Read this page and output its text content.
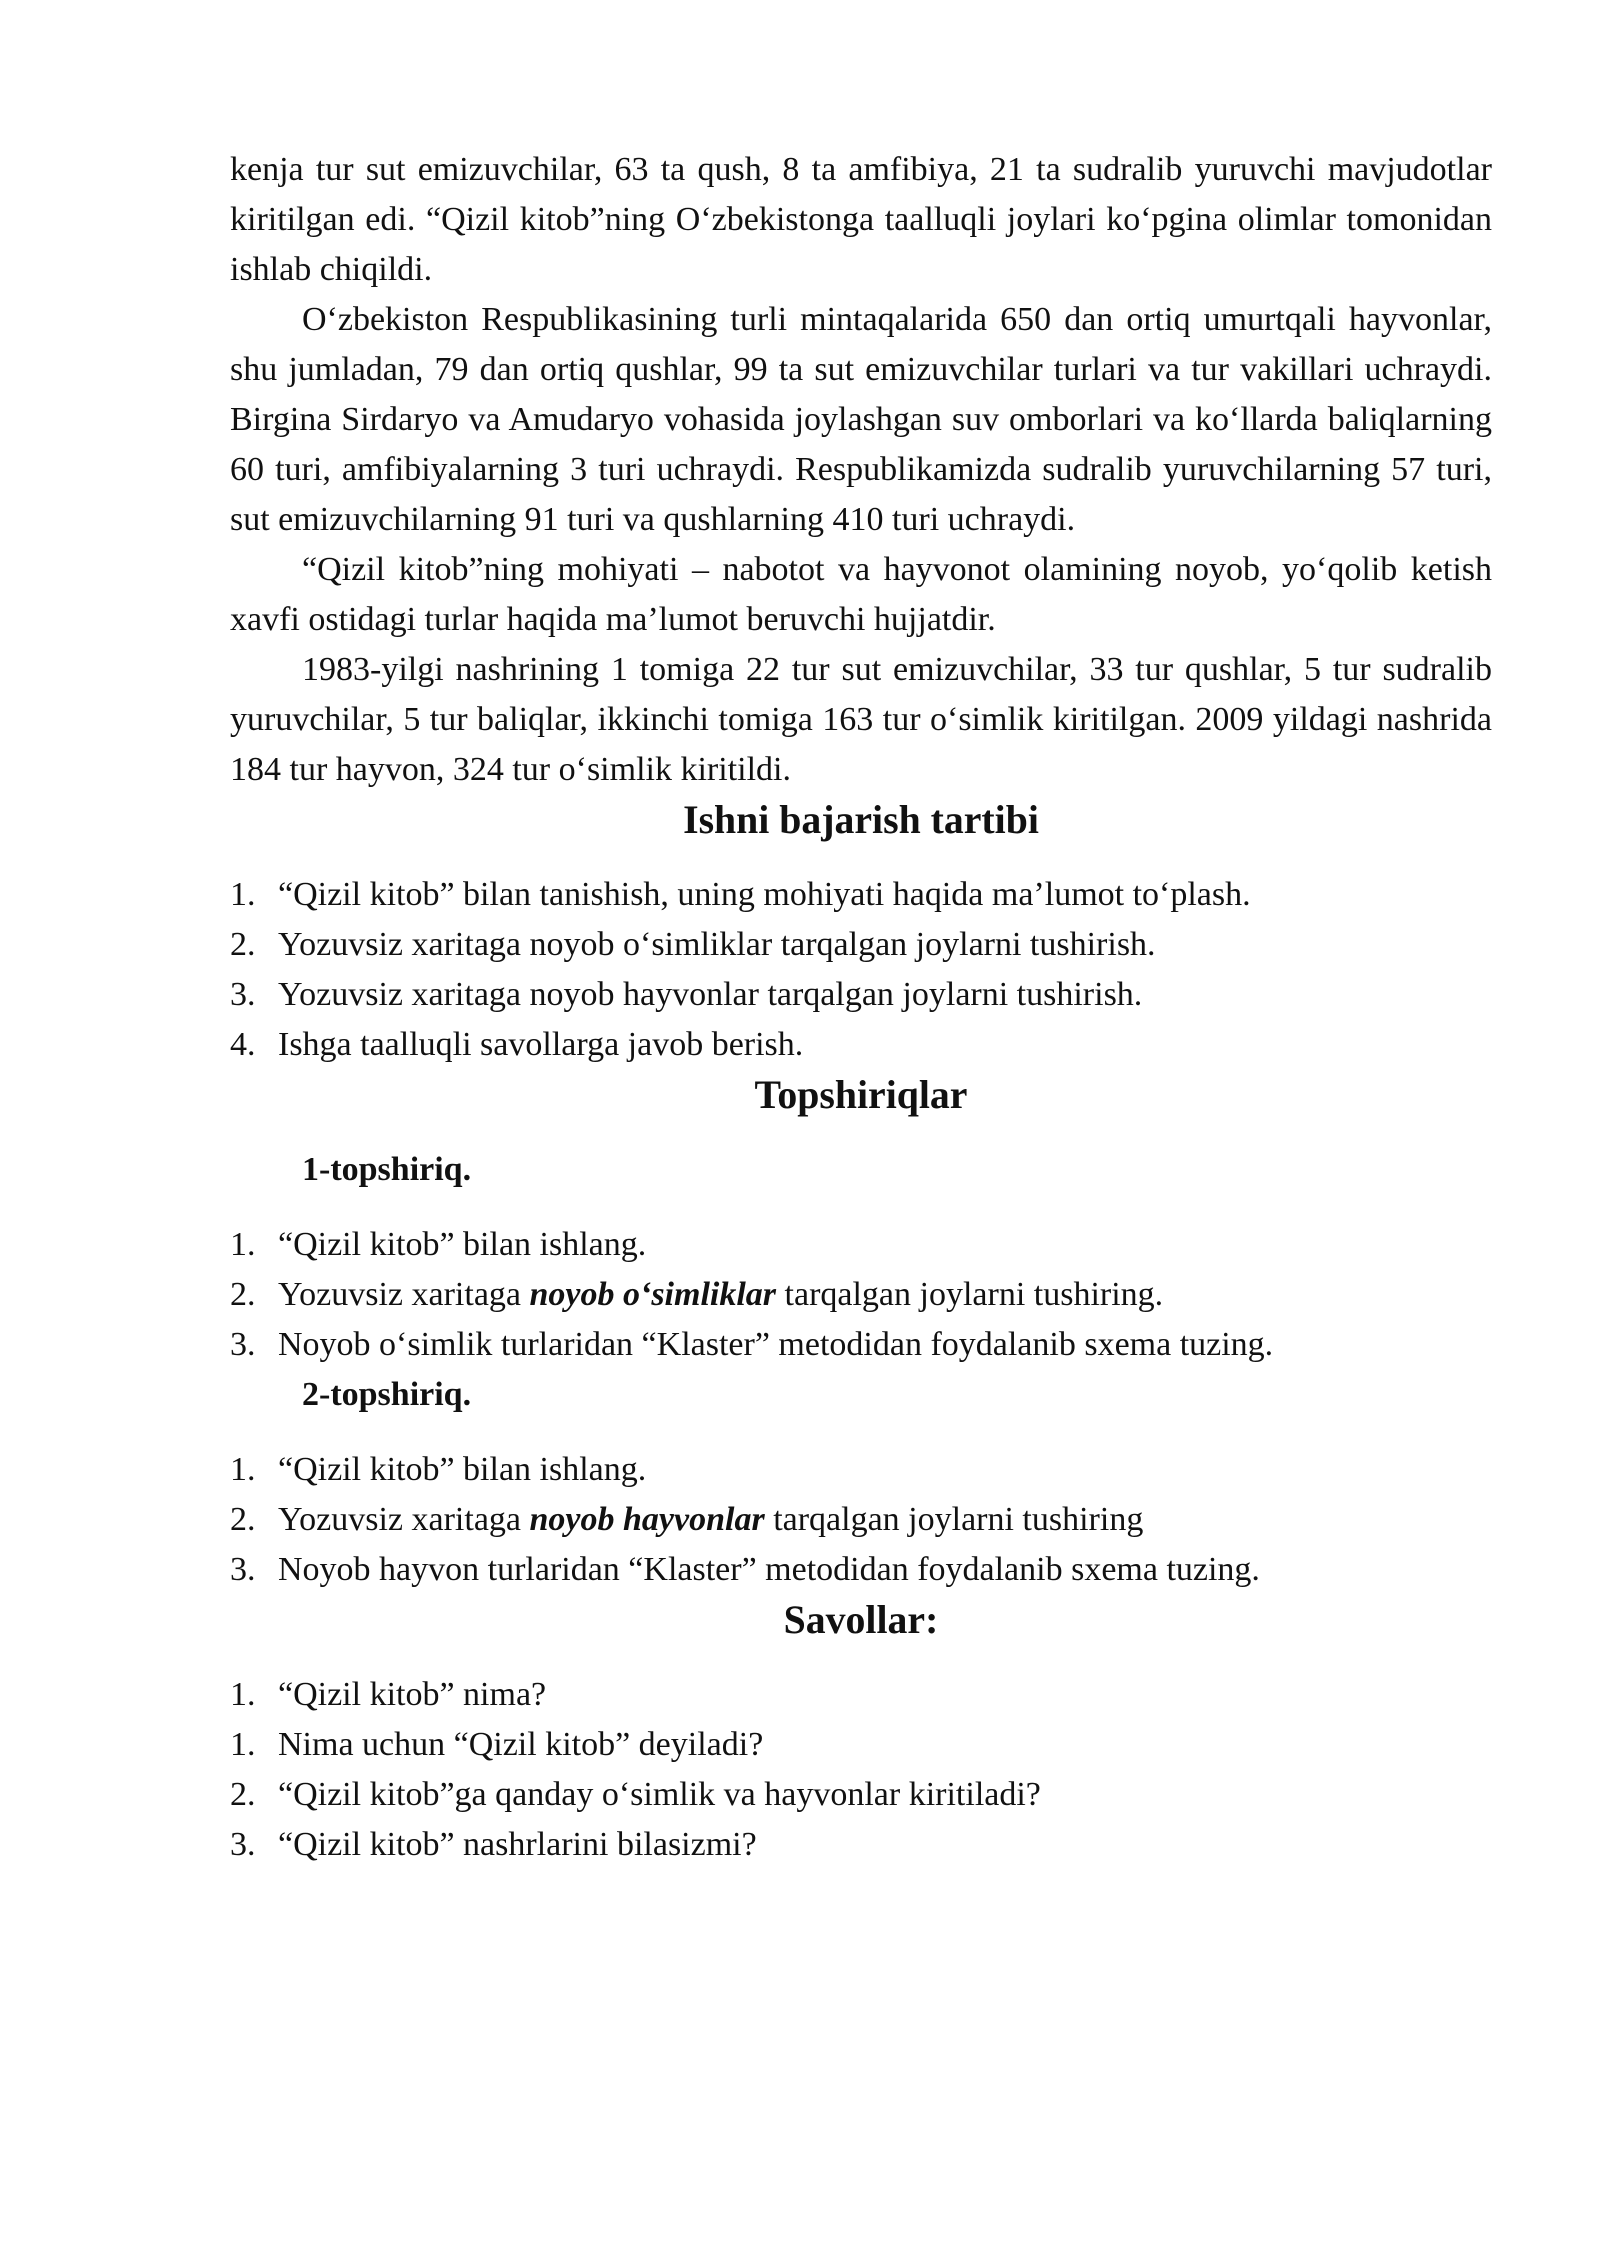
kenja tur sut emizuvchilar, 63 ta qush, 8 ta amfibiya, 21 ta sudralib yuruvchi mavjudotlar kiritilgan edi. “Qizil kitob”ning O‘zbekistonga taalluqli joylari ko‘pgina olimlar tomonidan ishlab chiqildi.

O‘zbekiston Respublikasining turli mintaqalarida 650 dan ortiq umurtqali hayvonlar, shu jumladan, 79 dan ortiq qushlar, 99 ta sut emizuvchilar turlari va tur vakillari uchraydi. Birgina Sirdaryo va Amudaryo vohasida joylashgan suv omborlari va ko‘llarda baliqlarning 60 turi, amfibiyalarning 3 turi uchraydi. Respublikamizda sudralib yuruvchilarning 57 turi, sut emizuvchilarning 91 turi va qushlarning 410 turi uchraydi.

“Qizil kitob”ning mohiyati – nabotot va hayvonot olamining noyob, yo‘qolib ketish xavfi ostidagi turlar haqida ma’lumot beruvchi hujjatdir.

1983-yilgi nashrining 1 tomiga 22 tur sut emizuvchilar, 33 tur qushlar, 5 tur sudralib yuruvchilar, 5 tur baliqlar, ikkinchi tomiga 163 tur o‘simlik kiritilgan. 2009 yildagi nashrida 184 tur hayvon, 324 tur o‘simlik kiritildi.

Ishni bajarish tartibi
1. “Qizil kitob” bilan tanishish, uning mohiyati haqida ma’lumot to‘plash.
2. Yozuvsiz xaritaga noyob o‘simliklar tarqalgan joylarni tushirish.
3. Yozuvsiz xaritaga noyob hayvonlar tarqalgan joylarni tushirish.
4. Ishga taalluqli savollarga javob berish.
Topshiriqlar
1-topshiriq.
1. “Qizil kitob” bilan ishlang.
2. Yozuvsiz xaritaga noyob o‘simliklar tarqalgan joylarni tushiring.
3. Noyob o‘simlik turlaridan “Klaster” metodidan foydalanib sxema tuzing.
2-topshiriq.
1. “Qizil kitob” bilan ishlang.
2. Yozuvsiz xaritaga noyob hayvonlar tarqalgan joylarni tushiring
3. Noyob hayvon turlaridan “Klaster” metodidan foydalanib sxema tuzing.
Savollar:
1. “Qizil kitob” nima?
1. Nima uchun “Qizil kitob” deyiladi?
2. “Qizil kitob”ga qanday o‘simlik va hayvonlar kiritiladi?
3. “Qizil kitob” nashrlarini bilasizmi?
